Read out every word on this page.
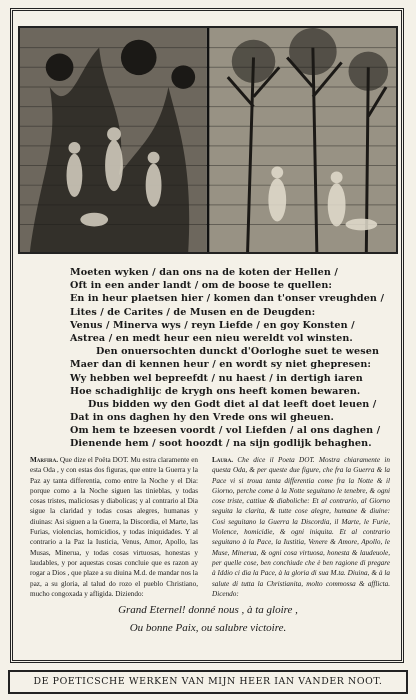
Moeten wyken / dan ons na de koten der Hellen /
Oft in een ander landt / om de boose te quellen:
En in heur plaetsen hier / komen dan t'onser vreughden /
Lites / de Carites / de Musen en de Deugden:
Venus / Minerva wys / reyn Liefde / en goy Konsten /
Astrea / en medt heur een nieu wereldt vol winsten.
Den onuersochten dunckt d'Oorloghe suet te wesen
Maer dan di kennen heur / en wordt sy niet ghepresen:
Wy hebben wel bepreefdt / nu haest / in dertigh iaren
Hoe schadighlijc de krygh ons heeft komen bewaren.
Dus bidden wy den Godt diet al dat leeft doet leuen /
Dat in ons daghen hy den Vrede ons wil gheuen.
Om hem te bzeesen voordt / vol Liefden / al ons daghen /
Dienende hem / soot hoozdt / na sijn godlijk behaghen.
Marfira. Que dize el Poëta DOT. Mu estra claramente en esta Oda , y con estas dos figuras, que entre la Guerra y la Paz ay tanta differentia, como entre la Noche y el Dia: porque como a la Noche siguen las tinieblas, y todas cosas tristes, maliciosas y diabolicas; y al contrario al Dia sigue la claridad y todas cosas alegres, humanas y diuinas: Asi siguen a la Guerra, la Discordia, el Marte, las Furias, violencias, homicidios, y todas iniquidades. Y al contrario a la Paz la Iusticia, Venus, Amor, Apollo, las Musas, Minerua, y todas cosas virtuosas, honestas y laudables, y por aquestas cosas concluie que es razon ay rogar a Dios , que plaze a su diuina M.d. de mandar nos la paz, a su gloria, al talud do rozo el pueblo Christiano, mucho congoxada y afligida. Diziendo:
Laura. Che dice il Poeta DOT. Mostra chiaramente in questa Oda, & per queste due figure, che fra la Guerra & la Pace vi si troua tanta differentia come fra la Notte & il Giorno, perche come à la Notte seguitano le tenebre, & ogni cose triste, cattiue & diaboliche: Et al contrario, al Giorno seguita la clarita, & tutte cose alegre, humane & diuine: Cosi seguitano la Guerra la Discordia, il Marte, le Furie, Violence, homicidie, & ogni iniquita. Et al contrario seguitano à la Pace, la Iustitia, Venere & Amore, Apollo, le Muse, Minerua, & ogni cosa virtuosa, honesta & laudeuole, per quelle cose, ben conchiude che è ben ragione di pregare à Iddio ci dia la Pace, à la gloria di sua M.ta. Diuina, & à la salute di tutta la Christianita, molto commossa & afflicta. Dicendo:
Grand Eternel! donné nous , à ta gloire ,
Ou bonne Paix, ou salubre victoire.
DE POETICSCHE WERKEN VAN MIJN HEER IAN VANDER NOOT.
